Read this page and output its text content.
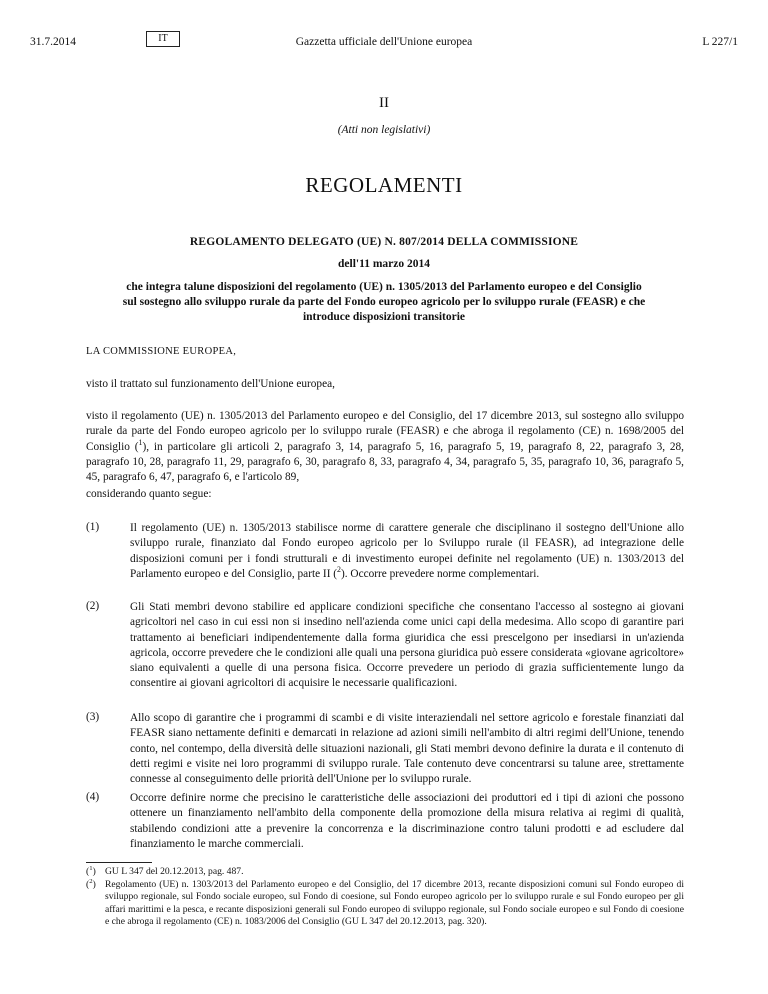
31.7.2014	IT	Gazzetta ufficiale dell'Unione europea	L 227/1
II
(Atti non legislativi)
REGOLAMENTI
REGOLAMENTO DELEGATO (UE) N. 807/2014 DELLA COMMISSIONE
dell'11 marzo 2014
che integra talune disposizioni del regolamento (UE) n. 1305/2013 del Parlamento europeo e del Consiglio sul sostegno allo sviluppo rurale da parte del Fondo europeo agricolo per lo sviluppo rurale (FEASR) e che introduce disposizioni transitorie
LA COMMISSIONE EUROPEA,
visto il trattato sul funzionamento dell'Unione europea,
visto il regolamento (UE) n. 1305/2013 del Parlamento europeo e del Consiglio, del 17 dicembre 2013, sul sostegno allo sviluppo rurale da parte del Fondo europeo agricolo per lo sviluppo rurale (FEASR) e che abroga il regolamento (CE) n. 1698/2005 del Consiglio ($^1$), in particolare gli articoli 2, paragrafo 3, 14, paragrafo 5, 16, paragrafo 5, 19, paragrafo 8, 22, paragrafo 3, 28, paragrafo 10, 28, paragrafo 11, 29, paragrafo 6, 30, paragrafo 8, 33, paragrafo 4, 34, paragrafo 5, 35, paragrafo 10, 36, paragrafo 5, 45, paragrafo 6, 47, paragrafo 6, e l'articolo 89,
considerando quanto segue:
(1)	Il regolamento (UE) n. 1305/2013 stabilisce norme di carattere generale che disciplinano il sostegno dell'Unione allo sviluppo rurale, finanziato dal Fondo europeo agricolo per lo Sviluppo rurale (il FEASR), ad integrazione delle disposizioni comuni per i fondi strutturali e di investimento europei definite nel regolamento (UE) n. 1303/2013 del Parlamento europeo e del Consiglio, parte II ($^2$). Occorre prevedere norme complementari.
(2)	Gli Stati membri devono stabilire ed applicare condizioni specifiche che consentano l'accesso al sostegno ai giovani agricoltori nel caso in cui essi non si insedino nell'azienda come unici capi della medesima. Allo scopo di garantire pari trattamento ai beneficiari indipendentemente dalla forma giuridica che essi prescelgono per insediarsi in un'azienda agricola, occorre prevedere che le condizioni alle quali una persona giuridica può essere considerata «giovane agricoltore» siano equivalenti a quelle di una persona fisica. Occorre prevedere un periodo di grazia sufficientemente lungo da consentire ai giovani agricoltori di acquisire le necessarie qualificazioni.
(3)	Allo scopo di garantire che i programmi di scambi e di visite interaziendali nel settore agricolo e forestale finanziati dal FEASR siano nettamente definiti e demarcati in relazione ad azioni simili nell'ambito di altri regimi dell'Unione, tenendo conto, nel contempo, della diversità delle situazioni nazionali, gli Stati membri devono definire la durata e il contenuto di detti regimi e visite nei loro programmi di sviluppo rurale. Tale contenuto deve concentrarsi su talune aree, strettamente connesse al conseguimento delle priorità dell'Unione per lo sviluppo rurale.
(4)	Occorre definire norme che precisino le caratteristiche delle associazioni dei produttori ed i tipi di azioni che possono ottenere un finanziamento nell'ambito della componente della promozione della misura relativa ai regimi di qualità, stabilendo condizioni atte a prevenire la concorrenza e la discriminazione contro taluni prodotti e ad escludere dal finanziamento le marche commerciali.
($^1$) GU L 347 del 20.12.2013, pag. 487.
($^2$) Regolamento (UE) n. 1303/2013 del Parlamento europeo e del Consiglio, del 17 dicembre 2013, recante disposizioni comuni sul Fondo europeo di sviluppo regionale, sul Fondo sociale europeo, sul Fondo di coesione, sul Fondo europeo agricolo per lo sviluppo rurale e sul Fondo europeo per gli affari marittimi e la pesca, e recante disposizioni generali sul Fondo europeo di sviluppo regionale, sul Fondo sociale europeo e sul Fondo di coesione e che abroga il regolamento (CE) n. 1083/2006 del Consiglio (GU L 347 del 20.12.2013, pag. 320).
